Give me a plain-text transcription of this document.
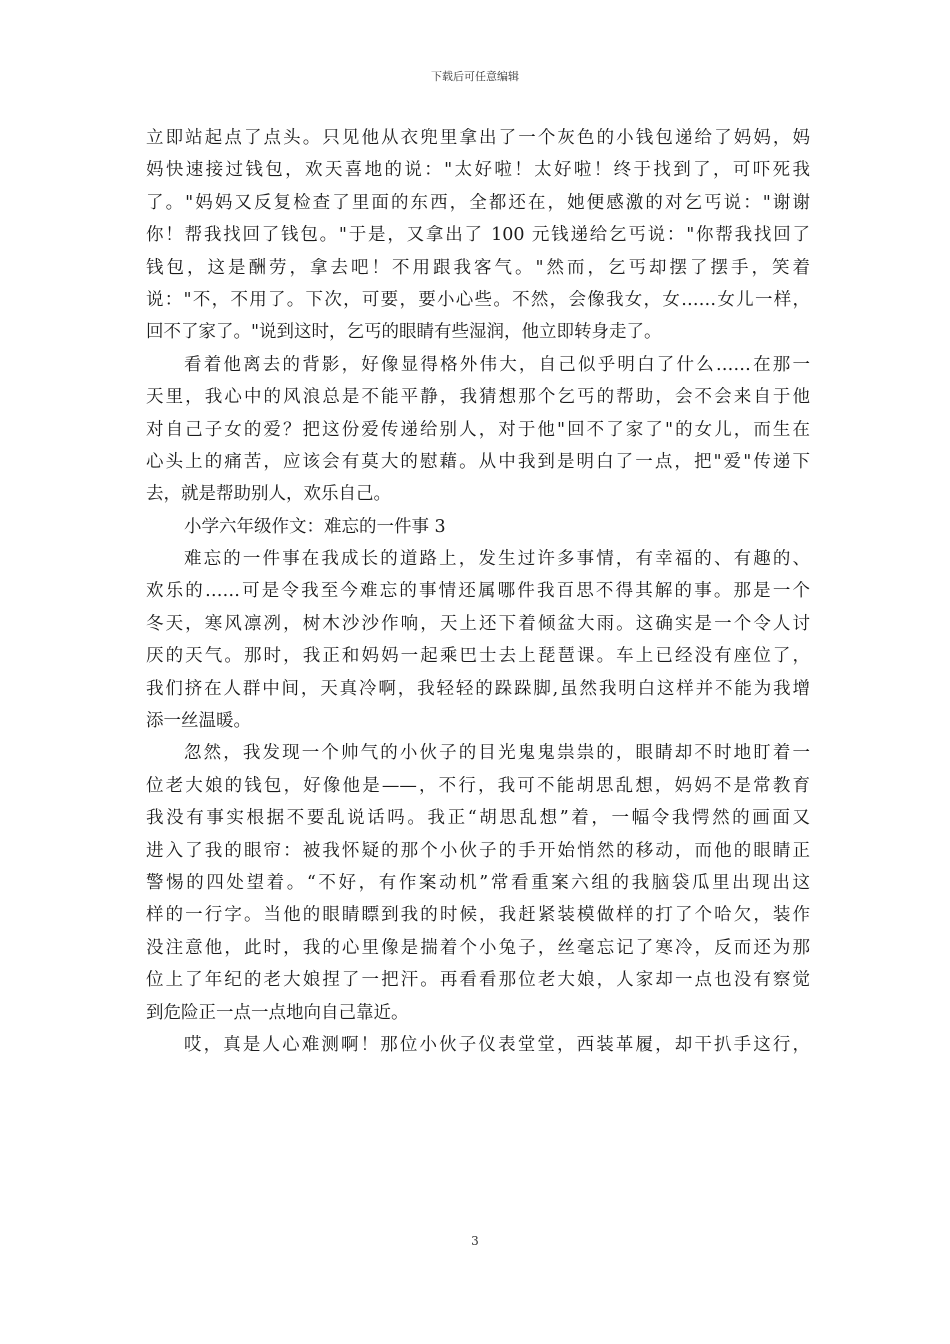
下载后可任意编辑
立即站起点了点头。只见他从衣兜里拿出了一个灰色的小钱包递给了妈妈，妈
妈快速接过钱包，欢天喜地的说："太好啦！太好啦！终于找到了，可吓死我
了。"妈妈又反复检查了里面的东西，全都还在，她便感激的对乞丐说："谢谢
你！帮我找回了钱包。"于是，又拿出了 100 元钱递给乞丐说："你帮我找回了
钱包，这是酬劳，拿去吧！不用跟我客气。"然而，乞丐却摆了摆手，笑着
说："不，不用了。下次，可要，要小心些。不然，会像我女，女……女儿一样，
回不了家了。"说到这时，乞丐的眼睛有些湿润，他立即转身走了。
看着他离去的背影，好像显得格外伟大，自己似乎明白了什么……在那一
天里，我心中的风浪总是不能平静，我猜想那个乞丐的帮助，会不会来自于他
对自己子女的爱？把这份爱传递给别人，对于他"回不了家了"的女儿，而生在
心头上的痛苦，应该会有莫大的慰藉。从中我到是明白了一点，把"爱"传递下
去，就是帮助别人，欢乐自己。
小学六年级作文：难忘的一件事 3
难忘的一件事在我成长的道路上，发生过许多事情，有幸福的、有趣的、
欢乐的……可是令我至今难忘的事情还属哪件我百思不得其解的事。那是一个
冬天，寒风凛冽，树木沙沙作响，天上还下着倾盆大雨。这确实是一个令人讨
厌的天气。那时，我正和妈妈一起乘巴士去上琵琶课。车上已经没有座位了，
我们挤在人群中间，天真冷啊，我轻轻的跺跺脚,虽然我明白这样并不能为我增
添一丝温暖。
忽然，我发现一个帅气的小伙子的目光鬼鬼祟祟的，眼睛却不时地盯着一
位老大娘的钱包，好像他是——，不行，我可不能胡思乱想，妈妈不是常教育
我没有事实根据不要乱说话吗。我正“胡思乱想”着，一幅令我愕然的画面又
进入了我的眼帘：被我怀疑的那个小伙子的手开始悄然的移动，而他的眼睛正
警惕的四处望着。“不好，有作案动机”常看重案六组的我脑袋瓜里出现出这
样的一行字。当他的眼睛瞟到我的时候，我赶紧装模做样的打了个哈欠，装作
没注意他，此时，我的心里像是揣着个小兔子，丝毫忘记了寒冷，反而还为那
位上了年纪的老大娘捏了一把汗。再看看那位老大娘，人家却一点也没有察觉
到危险正一点一点地向自己靠近。
哎，真是人心难测啊！那位小伙子仪表堂堂，西装革履，却干扒手这行，
3
